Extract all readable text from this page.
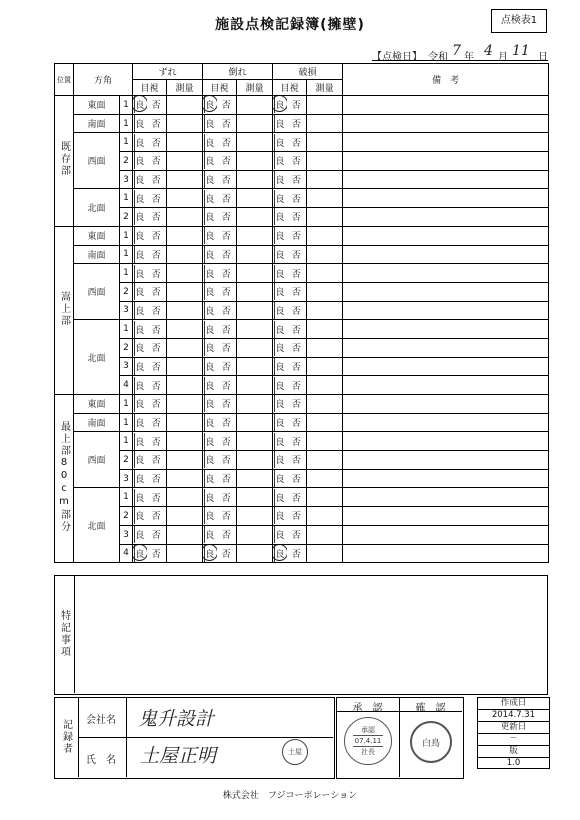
施設点検記録簿(擁壁)	点検表1
【点検日】 令和 7 年 4 月 11 日
位置	方角		ずれ			倒れ			破損			備　考
			目視		測量	目視		測量	目視		測量	
既存部	東面	1	良	否		良	否		良	否		
	南面	1	良	否		良	否		良	否		
	西面	1	良	否		良	否		良	否		
		2	良	否		良	否		良	否		
		3	良	否		良	否		良	否		
	北面	1	良	否		良	否		良	否		
		2	良	否		良	否		良	否		
嵩上部	東面	1	良	否		良	否		良	否		
	南面	1	良	否		良	否		良	否		
	西面	1	良	否		良	否		良	否		
		2	良	否		良	否		良	否		
		3	良	否		良	否		良	否		
	北面	1	良	否		良	否		良	否		
		2	良	否		良	否		良	否		
		3	良	否		良	否		良	否		
		4	良	否		良	否		良	否		
最上部80cm部分	東面	1	良	否		良	否		良	否		
	南面	1	良	否		良	否		良	否		
	西面	1	良	否		良	否		良	否		
		2	良	否		良	否		良	否		
		3	良	否		良	否		良	否		
	北面	1	良	否		良	否		良	否		
		2	良	否		良	否		良	否		
		3	良	否		良	否		良	否		
		4	良	否		良	否		良	否		
特記事項
記録者 会社名 鬼升設計
氏　名 土屋正明	土屋
承　認	確　認
承認
07.4.11
社長
白鳥
作成日
2014.7.31
更新日
－
版
1.0
株式会社　フジコーポレーション
